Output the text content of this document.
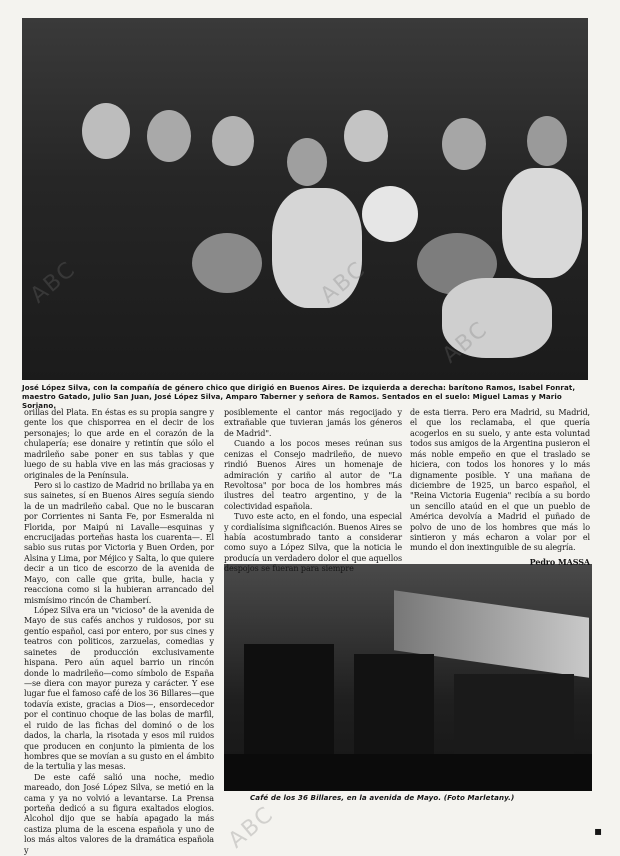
José López Silva, con la compañía de género chico que dirigió en Buenos Aires. De izquierda a derecha: barítono Ramos, Isabel Fonrat, maestro Gatado, Julio San Juan, José López Silva, Amparo Taberner y señora de Ramos. Sentados en el suelo: Miguel Lamas y Mario Soriano.
Café de los 36 Billares, en la avenida de Mayo. (Foto Marletany.)

orillas del Plata. En éstas es su propia sangre y gente los que chisporrea en el decir de los personajes; lo que arde en el corazón de la chulapería; ese donaire y retintín que sólo el madrileño sabe poner en sus tablas y que luego de su habla vive en las más graciosas y originales de la Península.

Pero si lo castizo de Madrid no brillaba ya en sus sainetes, sí en Buenos Aires seguía siendo la de un madrileño cabal. Que no le buscaran por Corrientes ni Santa Fe, por Esmeralda ni Florida, por Maipú ni Lavalle—esquinas y encrucijadas porteñas hasta los cuarenta—. El sabio sus rutas por Victoria y Buen Orden, por Alsina y Lima, por Méjico y Salta, lo que quiere decir a un tico de escorzo de la avenida de Mayo, con calle que grita, bulle, hacia y reacciona como si la hubieran arrancado del mismísimo rincón de Chamberí.

López Silva era un "vicioso" de la avenida de Mayo de sus cafés anchos y ruidosos, por su gentío español, casi por entero, por sus cines y teatros con politicos, zarzuelas, comedias y sainetes de producción exclusivamente hispana. Pero aún aquel barrio un rincón donde lo madrileño—como símbolo de España—se diera con mayor pureza y carácter. Y ese lugar fue el famoso café de los 36 Billares—que todavía existe, gracias a Dios—, ensordecedor por el continuo choque de las bolas de marfil, el ruido de las fichas del dominó o de los dados, la charla, la risotada y esos mil ruidos que producen en conjunto la pimienta de los hombres que se movían a su gusto en el ámbito de la tertulia y las mesas.

De este café salió una noche, medio mareado, don José López Silva, se metió en la cama y ya no volvió a levantarse. La Prensa porteña dedicó a su figura exaltados elogios. Alcohol dijo que se había apagado la más castiza pluma de la escena española y uno de los más altos valores de la dramática española y

posiblemente el cantor más regocijado y extrañable que tuvieran jamás los géneros de Madrid".

Cuando a los pocos meses reúnan sus cenizas el Consejo madrileño, de nuevo rindió Buenos Aires un homenaje de admiración y cariño al autor de "La Revoltosa" por boca de los hombres más ilustres del teatro argentino, y de la colectividad española.

Tuvo este acto, en el fondo, una especial y cordialísima significación. Buenos Aires se había acostumbrado tanto a considerar como suyo a López Silva, que la noticia le producía un verdadero dolor el que aquellos despojos se fueran para siempre

de esta tierra. Pero era Madrid, su Madrid, el que los reclamaba, el que quería acogerlos en su suelo, y ante esta voluntad todos sus amigos de la Argentina pusieron el más noble empeño en que el traslado se hiciera, con todos los honores y lo más dignamente posible. Y una mañana de diciembre de 1925, un barco español, el "Reina Victoria Eugenia" recibía a su bordo un sencillo ataúd en el que un pueblo de América devolvía a Madrid el puñado de polvo de uno de los hombres que más lo sintieron y más echaron a volar por el mundo el don inextinguible de su alegría.

Pedro MASSA
ABC	ABC
ABC
ABC
▪
